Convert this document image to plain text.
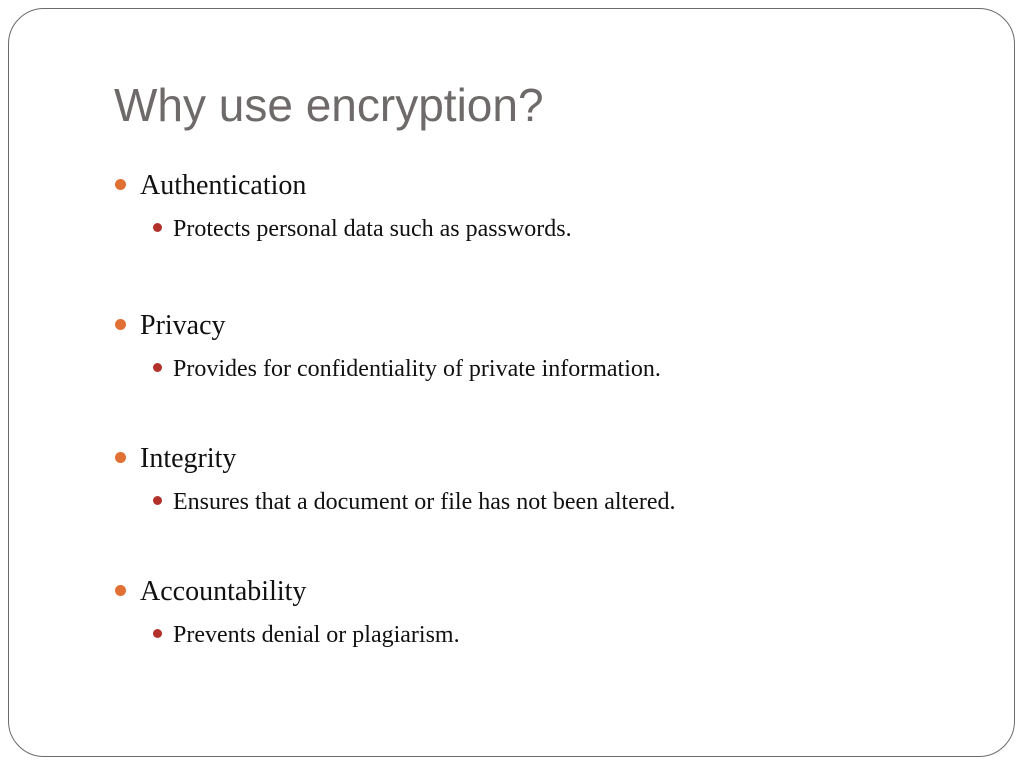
Why use encryption?
Authentication
Protects personal data such as passwords.
Privacy
Provides for confidentiality of private information.
Integrity
Ensures that a document or file has not been altered.
Accountability
Prevents denial or plagiarism.
